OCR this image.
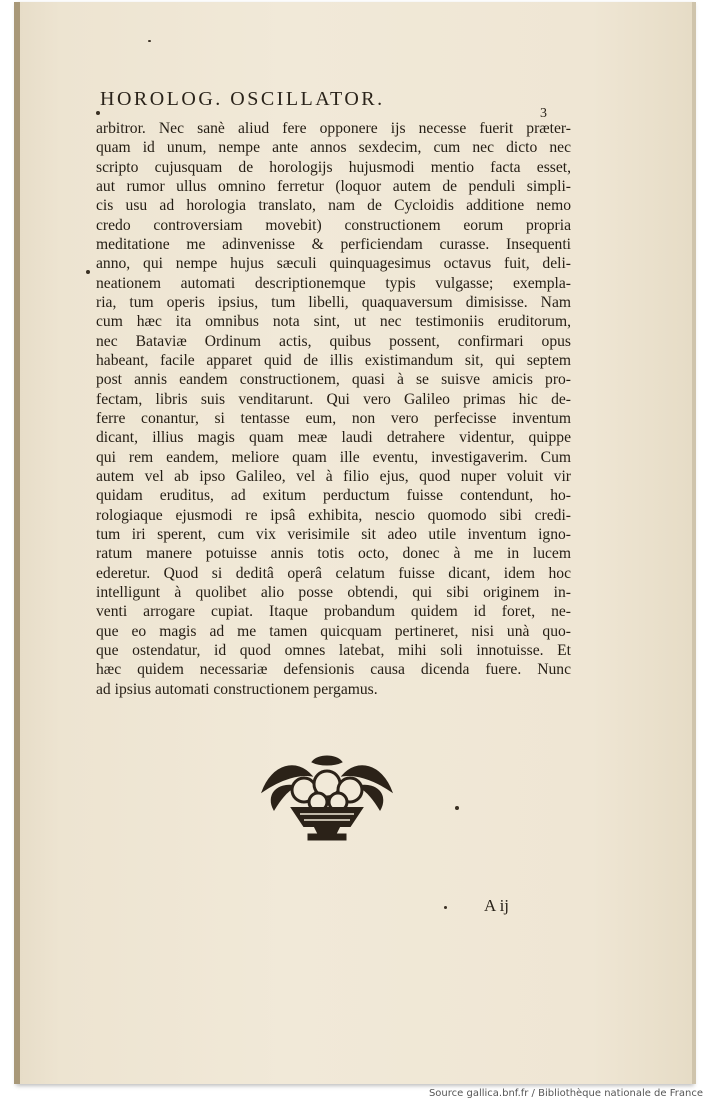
HOROLOG. OSCILLATOR.
3
arbitror. Nec sanè aliud fere opponere ijs necesse fuerit præter-
quam id unum, nempe ante annos sexdecim, cum nec dicto nec
scripto cujusquam de horologijs hujusmodi mentio facta esset,
aut rumor ullus omnino ferretur (loquor autem de penduli simpli-
cis usu ad horologia translato, nam de Cycloidis additione nemo
credo controversiam movebit) constructionem eorum propria
meditatione me adinvenisse & perficiendam curasse. Insequenti
anno, qui nempe hujus sæculi quinquagesimus octavus fuit, deli-
neationem automati descriptionemque typis vulgasse; exempla-
ria, tum operis ipsius, tum libelli, quaquaversum dimisisse. Nam
cum hæc ita omnibus nota sint, ut nec testimoniis eruditorum,
nec Bataviæ Ordinum actis, quibus possent, confirmari opus
habeant, facile apparet quid de illis existimandum sit, qui septem
post annis eandem constructionem, quasi à se suisve amicis pro-
fectam, libris suis venditarunt. Qui vero Galileo primas hic de-
ferre conantur, si tentasse eum, non vero perfecisse inventum
dicant, illius magis quam meæ laudi detrahere videntur, quippe
qui rem eandem, meliore quam ille eventu, investigaverim. Cum
autem vel ab ipso Galileo, vel à filio ejus, quod nuper voluit vir
quidam eruditus, ad exitum perductum fuisse contendunt, ho-
rologiaque ejusmodi re ipsâ exhibita, nescio quomodo sibi credi-
tum iri sperent, cum vix verisimile sit adeo utile inventum igno-
ratum manere potuisse annis totis octo, donec à me in lucem
ederetur. Quod si deditâ operâ celatum fuisse dicant, idem hoc
intelligunt à quolibet alio posse obtendi, qui sibi originem in-
venti arrogare cupiat. Itaque probandum quidem id foret, ne-
que eo magis ad me tamen quicquam pertineret, nisi unà quo-
que ostendatur, id quod omnes latebat, mihi soli innotuisse. Et
hæc quidem necessariæ defensionis causa dicenda fuere. Nunc
ad ipsius automati constructionem pergamus.
A ij
Source gallica.bnf.fr / Bibliothèque nationale de France
